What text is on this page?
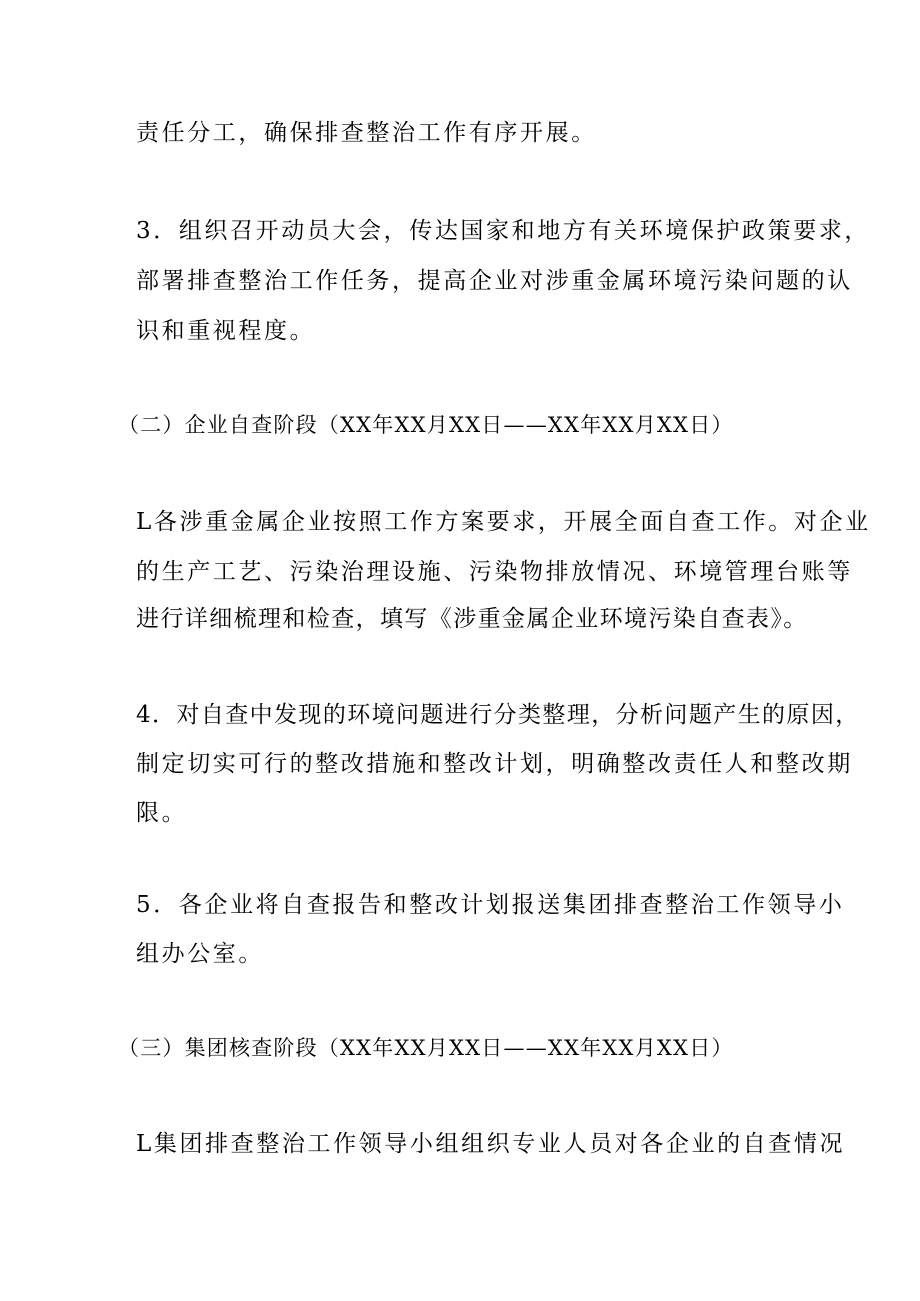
责任分工，确保排查整治工作有序开展。
3．组织召开动员大会，传达国家和地方有关环境保护政策要求，
部署排查整治工作任务，提高企业对涉重金属环境污染问题的认
识和重视程度。
（二）企业自查阶段（XX年XX月XX日——XX年XX月XX日）
L各涉重金属企业按照工作方案要求，开展全面自查工作。对企业
的生产工艺、污染治理设施、污染物排放情况、环境管理台账等
进行详细梳理和检查，填写《涉重金属企业环境污染自查表》。
4．对自查中发现的环境问题进行分类整理，分析问题产生的原因，
制定切实可行的整改措施和整改计划，明确整改责任人和整改期
限。
5．各企业将自查报告和整改计划报送集团排查整治工作领导小
组办公室。
（三）集团核查阶段（XX年XX月XX日——XX年XX月XX日）
L集团排查整治工作领导小组组织专业人员对各企业的自查情况
